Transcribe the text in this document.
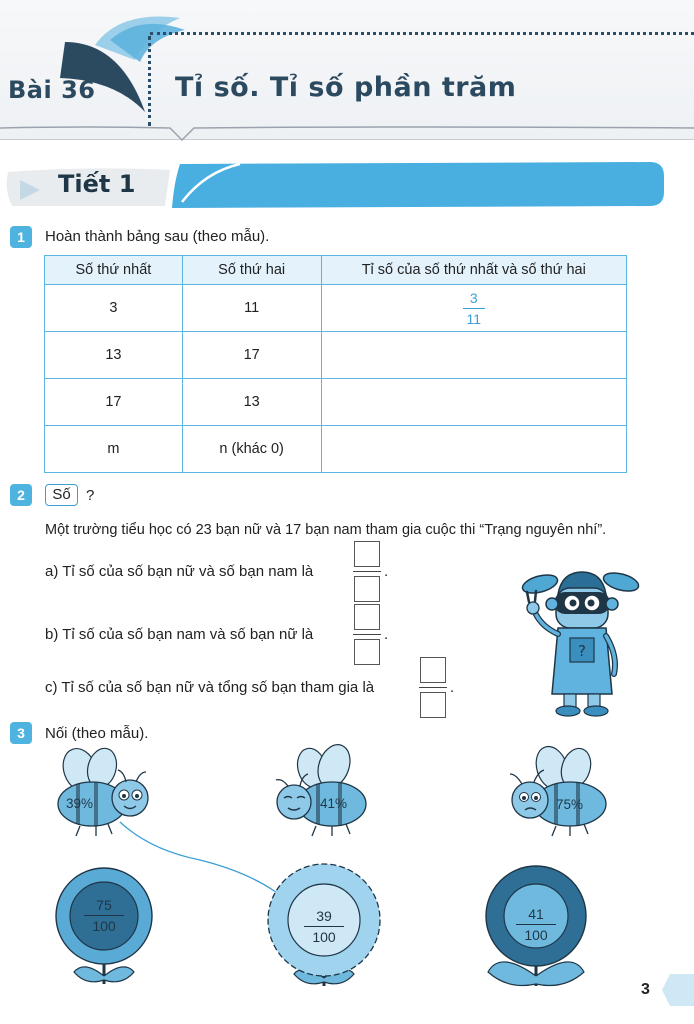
Bài 36	Tỉ số. Tỉ số phần trăm
Tiết 1
1	Hoàn thành bảng sau (theo mẫu).
Số thứ nhất	Số thứ hai	Tỉ số của số thứ nhất và số thứ hai
3	11	$\frac{3}{11}$

13	17	
17	13	
m	n (khác 0)	
2	Số	?
Một trường tiểu học có 23 bạn nữ và 17 bạn nam tham gia cuộc thi “Trạng nguyên nhí”.
a) Tỉ số của số bạn nữ và số bạn nam là	.
b) Tỉ số của số bạn nam và số bạn nữ là	.
c) Tỉ số của số bạn nữ và tổng số bạn tham gia là	.
?
3	Nối (theo mẫu).
39%	41%	75%
$\frac{75}{100}$	$\frac{39}{100}$	$\frac{41}{100}$
3
